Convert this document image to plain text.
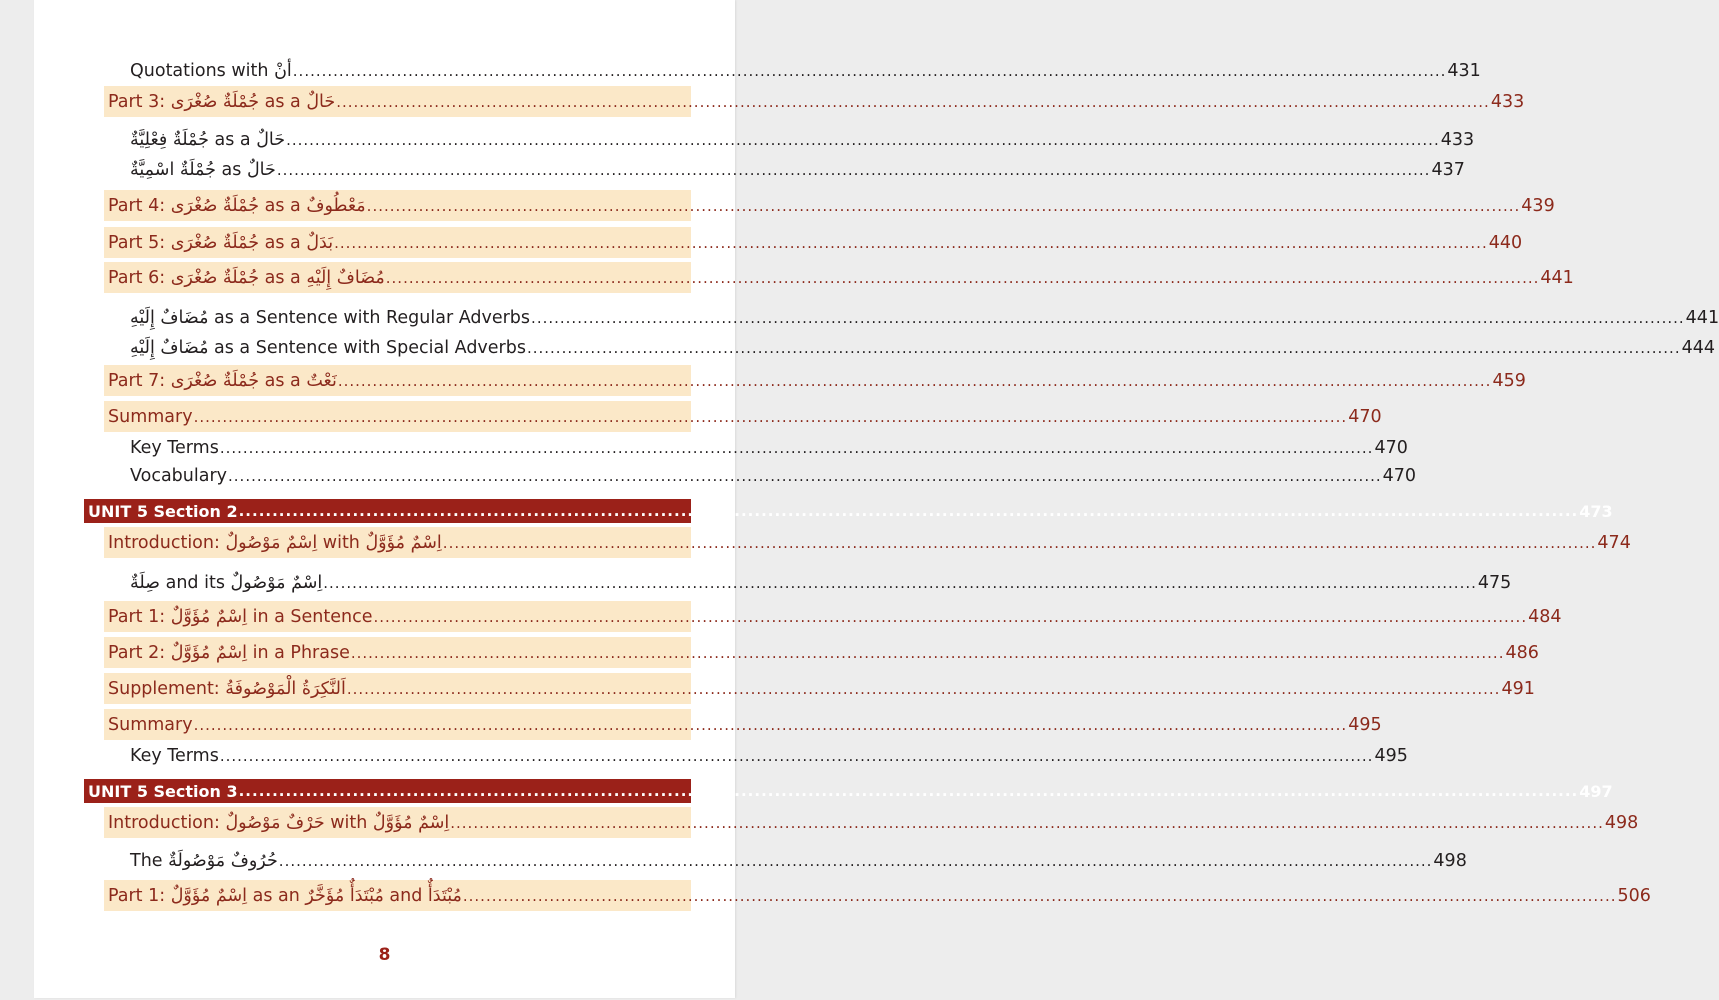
Quotations with أنْ ........................................................................................................................................................................................................ 431
Part 3: جُمْلَةٌ صُغْرَى as a حَالٌ ........................................................................................................................................................................................................ 433
جُمْلَةٌ فِعْلِيَّةٌ as a حَالٌ ........................................................................................................................................................................................................ 433
جُمْلَةٌ اسْمِيَّةٌ as حَالٌ ........................................................................................................................................................................................................ 437
Part 4: جُمْلَةٌ صُغْرَى as a مَعْطُوفٌ ........................................................................................................................................................................................................ 439
Part 5: جُمْلَةٌ صُغْرَى as a بَدَلٌ ........................................................................................................................................................................................................ 440
Part 6: جُمْلَةٌ صُغْرَى as a مُضَافٌ إِلَيْهِ ........................................................................................................................................................................................................ 441
مُضَافٌ إِلَيْهِ as a Sentence with Regular Adverbs ........................................................................................................................................................................................................ 441
مُضَافٌ إِلَيْهِ as a Sentence with Special Adverbs ........................................................................................................................................................................................................ 444
Part 7: جُمْلَةٌ صُغْرَى as a نَعْتٌ ........................................................................................................................................................................................................ 459
Summary ........................................................................................................................................................................................................ 470
Key Terms ........................................................................................................................................................................................................ 470
Vocabulary ........................................................................................................................................................................................................ 470
UNIT 5 Section 2 ........................................................................................................................................................................................................ 473
Introduction: اِسْمٌ مَوْصُولٌ with اِسْمٌ مُؤَوَّلٌ ........................................................................................................................................................................................................ 474
صِلَةٌ and its اِسْمٌ مَوْصُولٌ ........................................................................................................................................................................................................ 475
Part 1: اِسْمٌ مُؤَوَّلٌ in a Sentence ........................................................................................................................................................................................................ 484
Part 2: اِسْمٌ مُؤَوَّلٌ in a Phrase ........................................................................................................................................................................................................ 486
Supplement: اَلنَّكِرَةُ الْمَوْصُوفَةُ ........................................................................................................................................................................................................ 491
Summary ........................................................................................................................................................................................................ 495
Key Terms ........................................................................................................................................................................................................ 495
UNIT 5 Section 3 ........................................................................................................................................................................................................ 497
Introduction: حَرْفٌ مَوْصُولٌ with اِسْمٌ مُؤَوَّلٌ ........................................................................................................................................................................................................ 498
The حُرُوفٌ مَوْصُولَةٌ ........................................................................................................................................................................................................ 498
Part 1: اِسْمٌ مُؤَوَّلٌ as an مُبْتَدَأٌ مُؤَخَّرٌ and مُبْتَدَأٌ ........................................................................................................................................................................................................ 506
8
